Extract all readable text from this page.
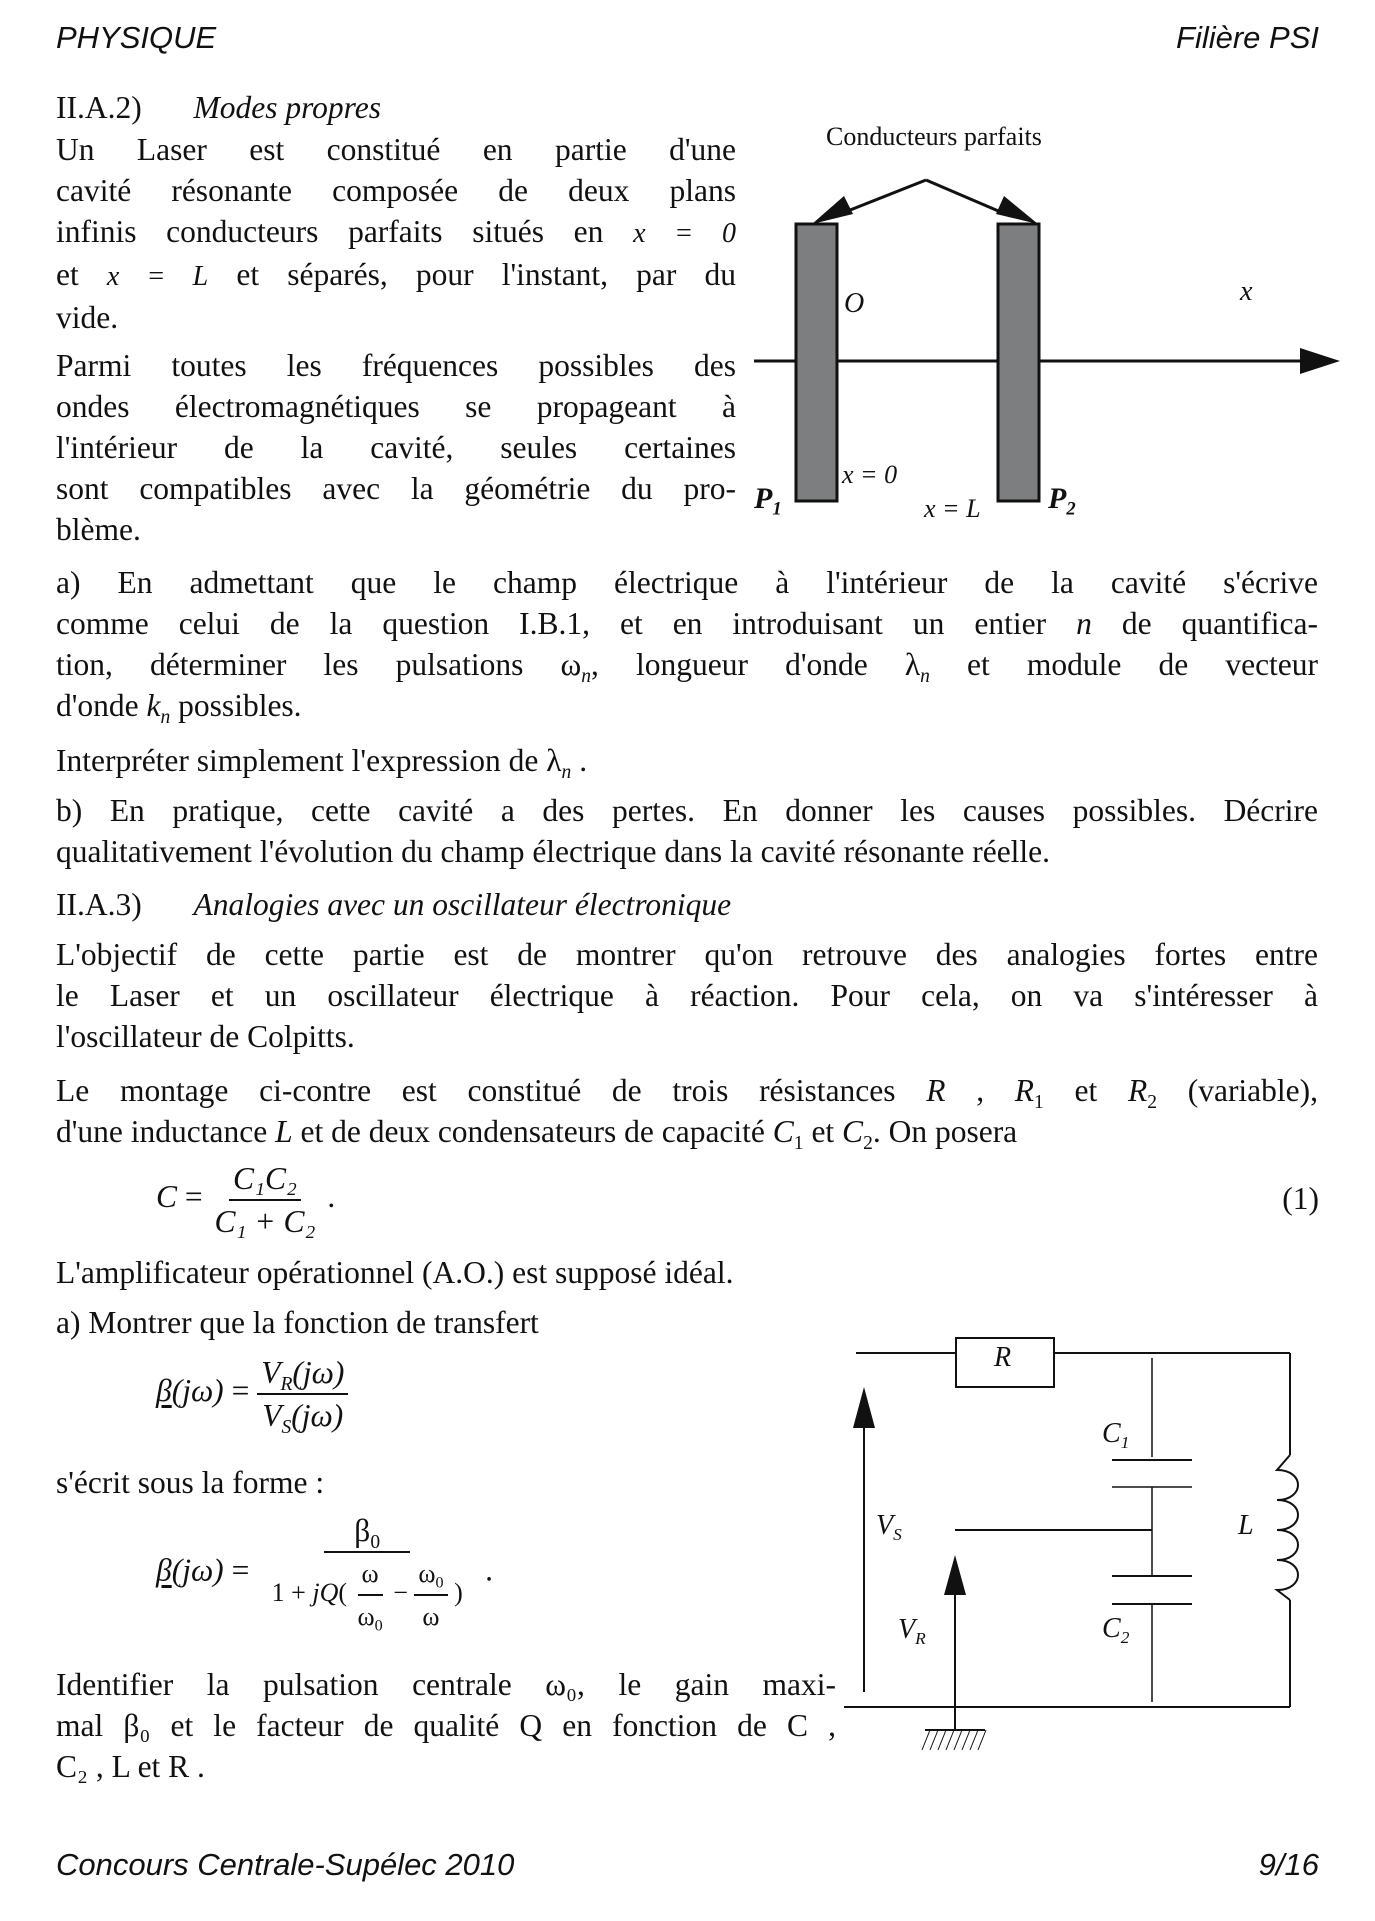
PHYSIQUE	Filière PSI
II.A.2) Modes propres
Un Laser est constitué en partie d'une
cavité résonante composée de deux plans
infinis conducteurs parfaits situés en x = 0
et x = L et séparés, pour l'instant, par du
vide.
Parmi toutes les fréquences possibles des
ondes électromagnétiques se propageant à
l'intérieur de la cavité, seules certaines
sont compatibles avec la géométrie du pro-
blème.
Conducteurs parfaits
O	x
x = 0
x = L
$P_1$	$P_2$
a) En admettant que le champ électrique à l'intérieur de la cavité s'écrive
comme celui de la question I.B.1, et en introduisant un entier n de quantifica-
tion, déterminer les pulsations $\omega_n$, longueur d'onde $\lambda_n$ et module de vecteur
d'onde $k_n$ possibles.
Interpréter simplement l'expression de $\lambda_n$ .
b) En pratique, cette cavité a des pertes. En donner les causes possibles. Décrire
qualitativement l'évolution du champ électrique dans la cavité résonante réelle.
II.A.3) Analogies avec un oscillateur électronique
L'objectif de cette partie est de montrer qu'on retrouve des analogies fortes entre
le Laser et un oscillateur électrique à réaction. Pour cela, on va s'intéresser à
l'oscillateur de Colpitts.
Le montage ci-contre est constitué de trois résistances R , $R_1$ et $R_2$ (variable),
d'une inductance L et de deux condensateurs de capacité $C_1$ et $C_2$. On posera
$C = \frac{\text{C₁C₂}}{\text{C₁ + C₂}}$ .	(1)
L'amplificateur opérationnel (A.O.) est supposé idéal.
a) Montrer que la fonction de transfert
$\beta(j\omega) = \frac{V_R(j\omega)}{V_S(j\omega)}$
s'écrit sous la forme :
$\beta(j\omega) = \frac{\beta_0}{1 + jQ( \frac{\omega}{\omega_0} - \frac{\omega_0}{\omega} )}$ .
Identifier la pulsation centrale ω₀, le gain maxi-
mal β₀ et le facteur de qualité Q en fonction de C ,
C₂ , L et R .
R
$C_1$
$C_2$
L
$V_S$
$V_R$
Concours Centrale-Supélec 2010	9/16
